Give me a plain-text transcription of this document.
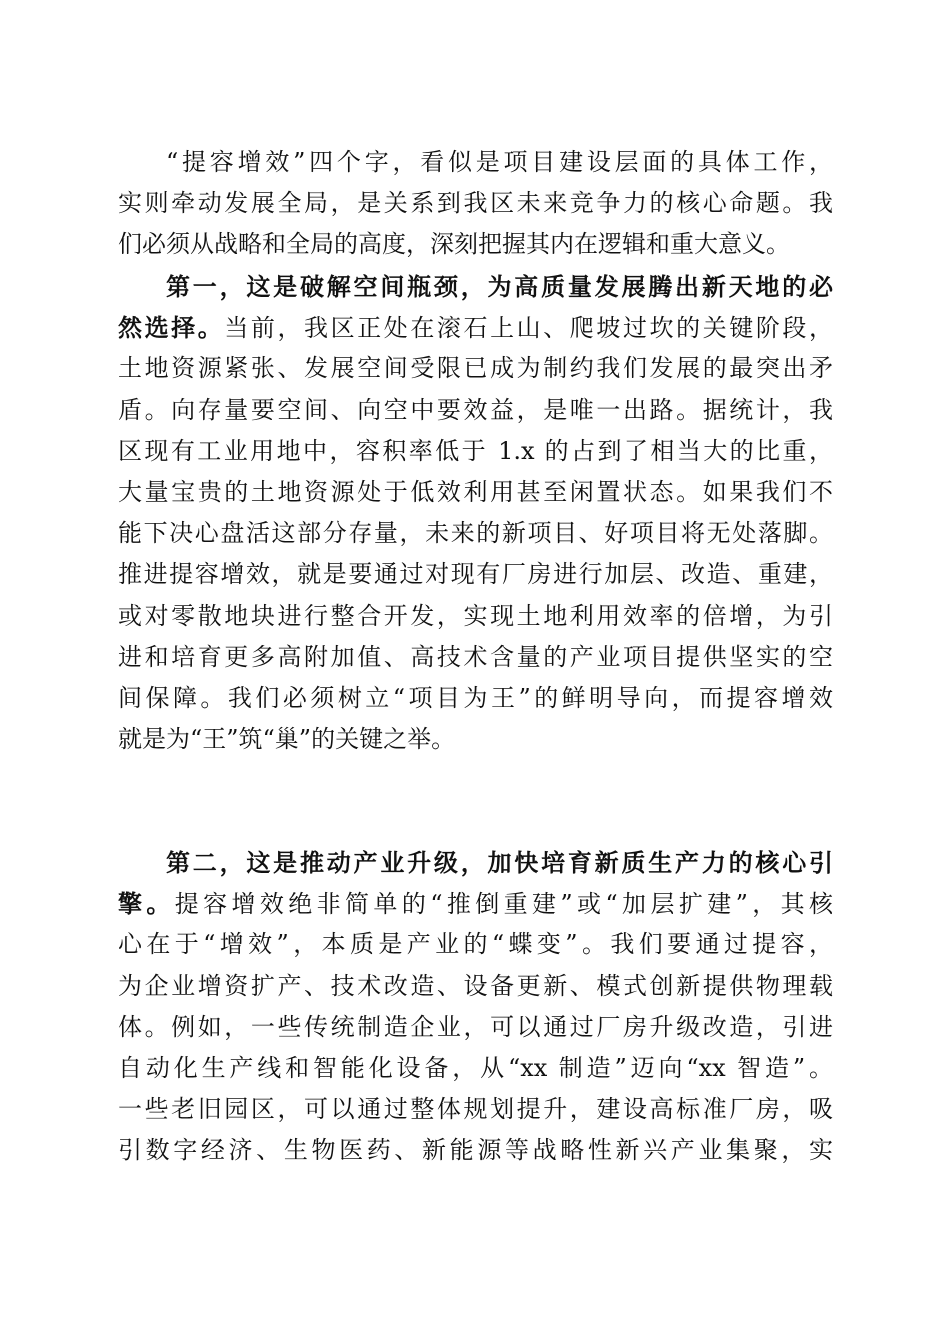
“提容增效”四个字，看似是项目建设层面的具体工作，
实则牵动发展全局，是关系到我区未来竞争力的核心命题。我
们必须从战略和全局的高度，深刻把握其内在逻辑和重大意义。
第一，这是破解空间瓶颈，为高质量发展腾出新天地的必
然选择。当前，我区正处在滚石上山、爬坡过坎的关键阶段，
土地资源紧张、发展空间受限已成为制约我们发展的最突出矛
盾。向存量要空间、向空中要效益，是唯一出路。据统计，我
区现有工业用地中，容积率低于 1.x 的占到了相当大的比重，
大量宝贵的土地资源处于低效利用甚至闲置状态。如果我们不
能下决心盘活这部分存量，未来的新项目、好项目将无处落脚。
推进提容增效，就是要通过对现有厂房进行加层、改造、重建，
或对零散地块进行整合开发，实现土地利用效率的倍增，为引
进和培育更多高附加值、高技术含量的产业项目提供坚实的空
间保障。我们必须树立“项目为王”的鲜明导向，而提容增效
就是为“王”筑“巢”的关键之举。
第二，这是推动产业升级，加快培育新质生产力的核心引
擎。提容增效绝非简单的“推倒重建”或“加层扩建”，其核
心在于“增效”，本质是产业的“蝶变”。我们要通过提容，
为企业增资扩产、技术改造、设备更新、模式创新提供物理载
体。例如，一些传统制造企业，可以通过厂房升级改造，引进
自动化生产线和智能化设备，从“xx 制造”迈向“xx 智造”。
一些老旧园区，可以通过整体规划提升，建设高标准厂房，吸
引数字经济、生物医药、新能源等战略性新兴产业集聚，实
